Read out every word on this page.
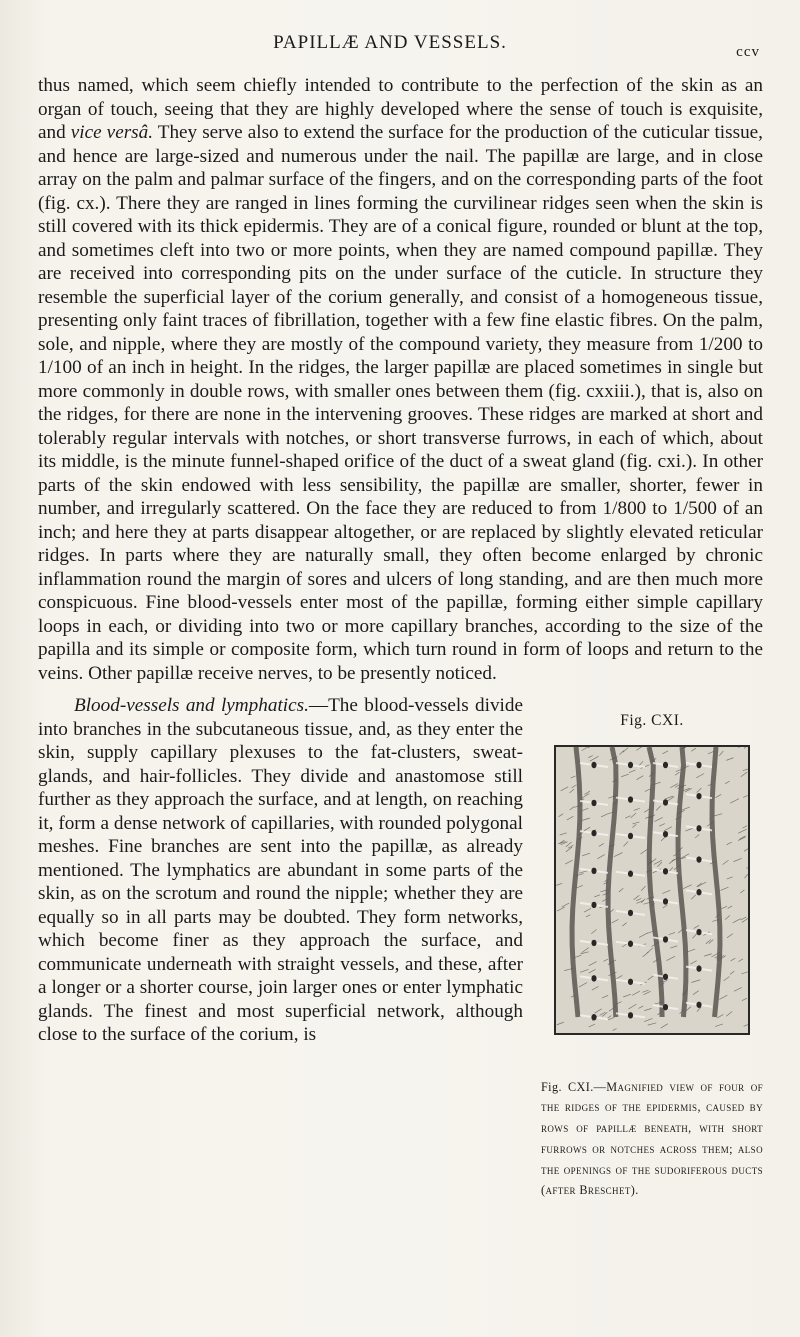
PAPILLÆ AND VESSELS.	ccv

thus named, which seem chiefly intended to contribute to the perfection of the skin as an organ of touch, seeing that they are highly developed where the sense of touch is exquisite, and vice versâ. They serve also to extend the surface for the production of the cuticular tissue, and hence are large-sized and numerous under the nail. The papillæ are large, and in close array on the palm and palmar surface of the fingers, and on the corresponding parts of the foot (fig. cx.). There they are ranged in lines forming the curvilinear ridges seen when the skin is still covered with its thick epidermis. They are of a conical figure, rounded or blunt at the top, and sometimes cleft into two or more points, when they are named compound papillæ. They are received into corresponding pits on the under surface of the cuticle. In structure they resemble the superficial layer of the corium generally, and consist of a homogeneous tissue, presenting only faint traces of fibrillation, together with a few fine elastic fibres. On the palm, sole, and nipple, where they are mostly of the compound variety, they measure from 1/200 to 1/100 of an inch in height. In the ridges, the larger papillæ are placed sometimes in single but more commonly in double rows, with smaller ones between them (fig. cxxiii.), that is, also on the ridges, for there are none in the intervening grooves. These ridges are marked at short and tolerably regular intervals with notches, or short transverse furrows, in each of which, about its middle, is the minute funnel-shaped orifice of the duct of a sweat gland (fig. cxi.). In other parts of the skin endowed with less sensibility, the papillæ are smaller, shorter, fewer in number, and irregularly scattered. On the face they are reduced to from 1/800 to 1/500 of an inch; and here they at parts disappear altogether, or are replaced by slightly elevated reticular ridges. In parts where they are naturally small, they often become enlarged by chronic inflammation round the margin of sores and ulcers of long standing, and are then much more conspicuous. Fine blood-vessels enter most of the papillæ, forming either simple capillary loops in each, or dividing into two or more capillary branches, according to the size of the papilla and its simple or composite form, which turn round in form of loops and return to the veins. Other papillæ receive nerves, to be presently noticed.

Fig. CXI.
Fig. CXI.—Magnified view of four of the ridges of the epidermis, caused by rows of papillæ beneath, with short furrows or notches across them; also the openings of the sudoriferous ducts (after Breschet).

Blood-vessels and lymphatics.—The blood-vessels divide into branches in the subcutaneous tissue, and, as they enter the skin, supply capillary plexuses to the fat-clusters, sweat-glands, and hair-follicles. They divide and anastomose still further as they approach the surface, and at length, on reaching it, form a dense network of capillaries, with rounded polygonal meshes. Fine branches are sent into the papillæ, as already mentioned. The lymphatics are abundant in some parts of the skin, as on the scrotum and round the nipple; whether they are equally so in all parts may be doubted. They form networks, which become finer as they approach the surface, and communicate underneath with straight vessels, and these, after a longer or a shorter course, join larger ones or enter lymphatic glands. The finest and most superficial network, although close to the surface of the corium, is
